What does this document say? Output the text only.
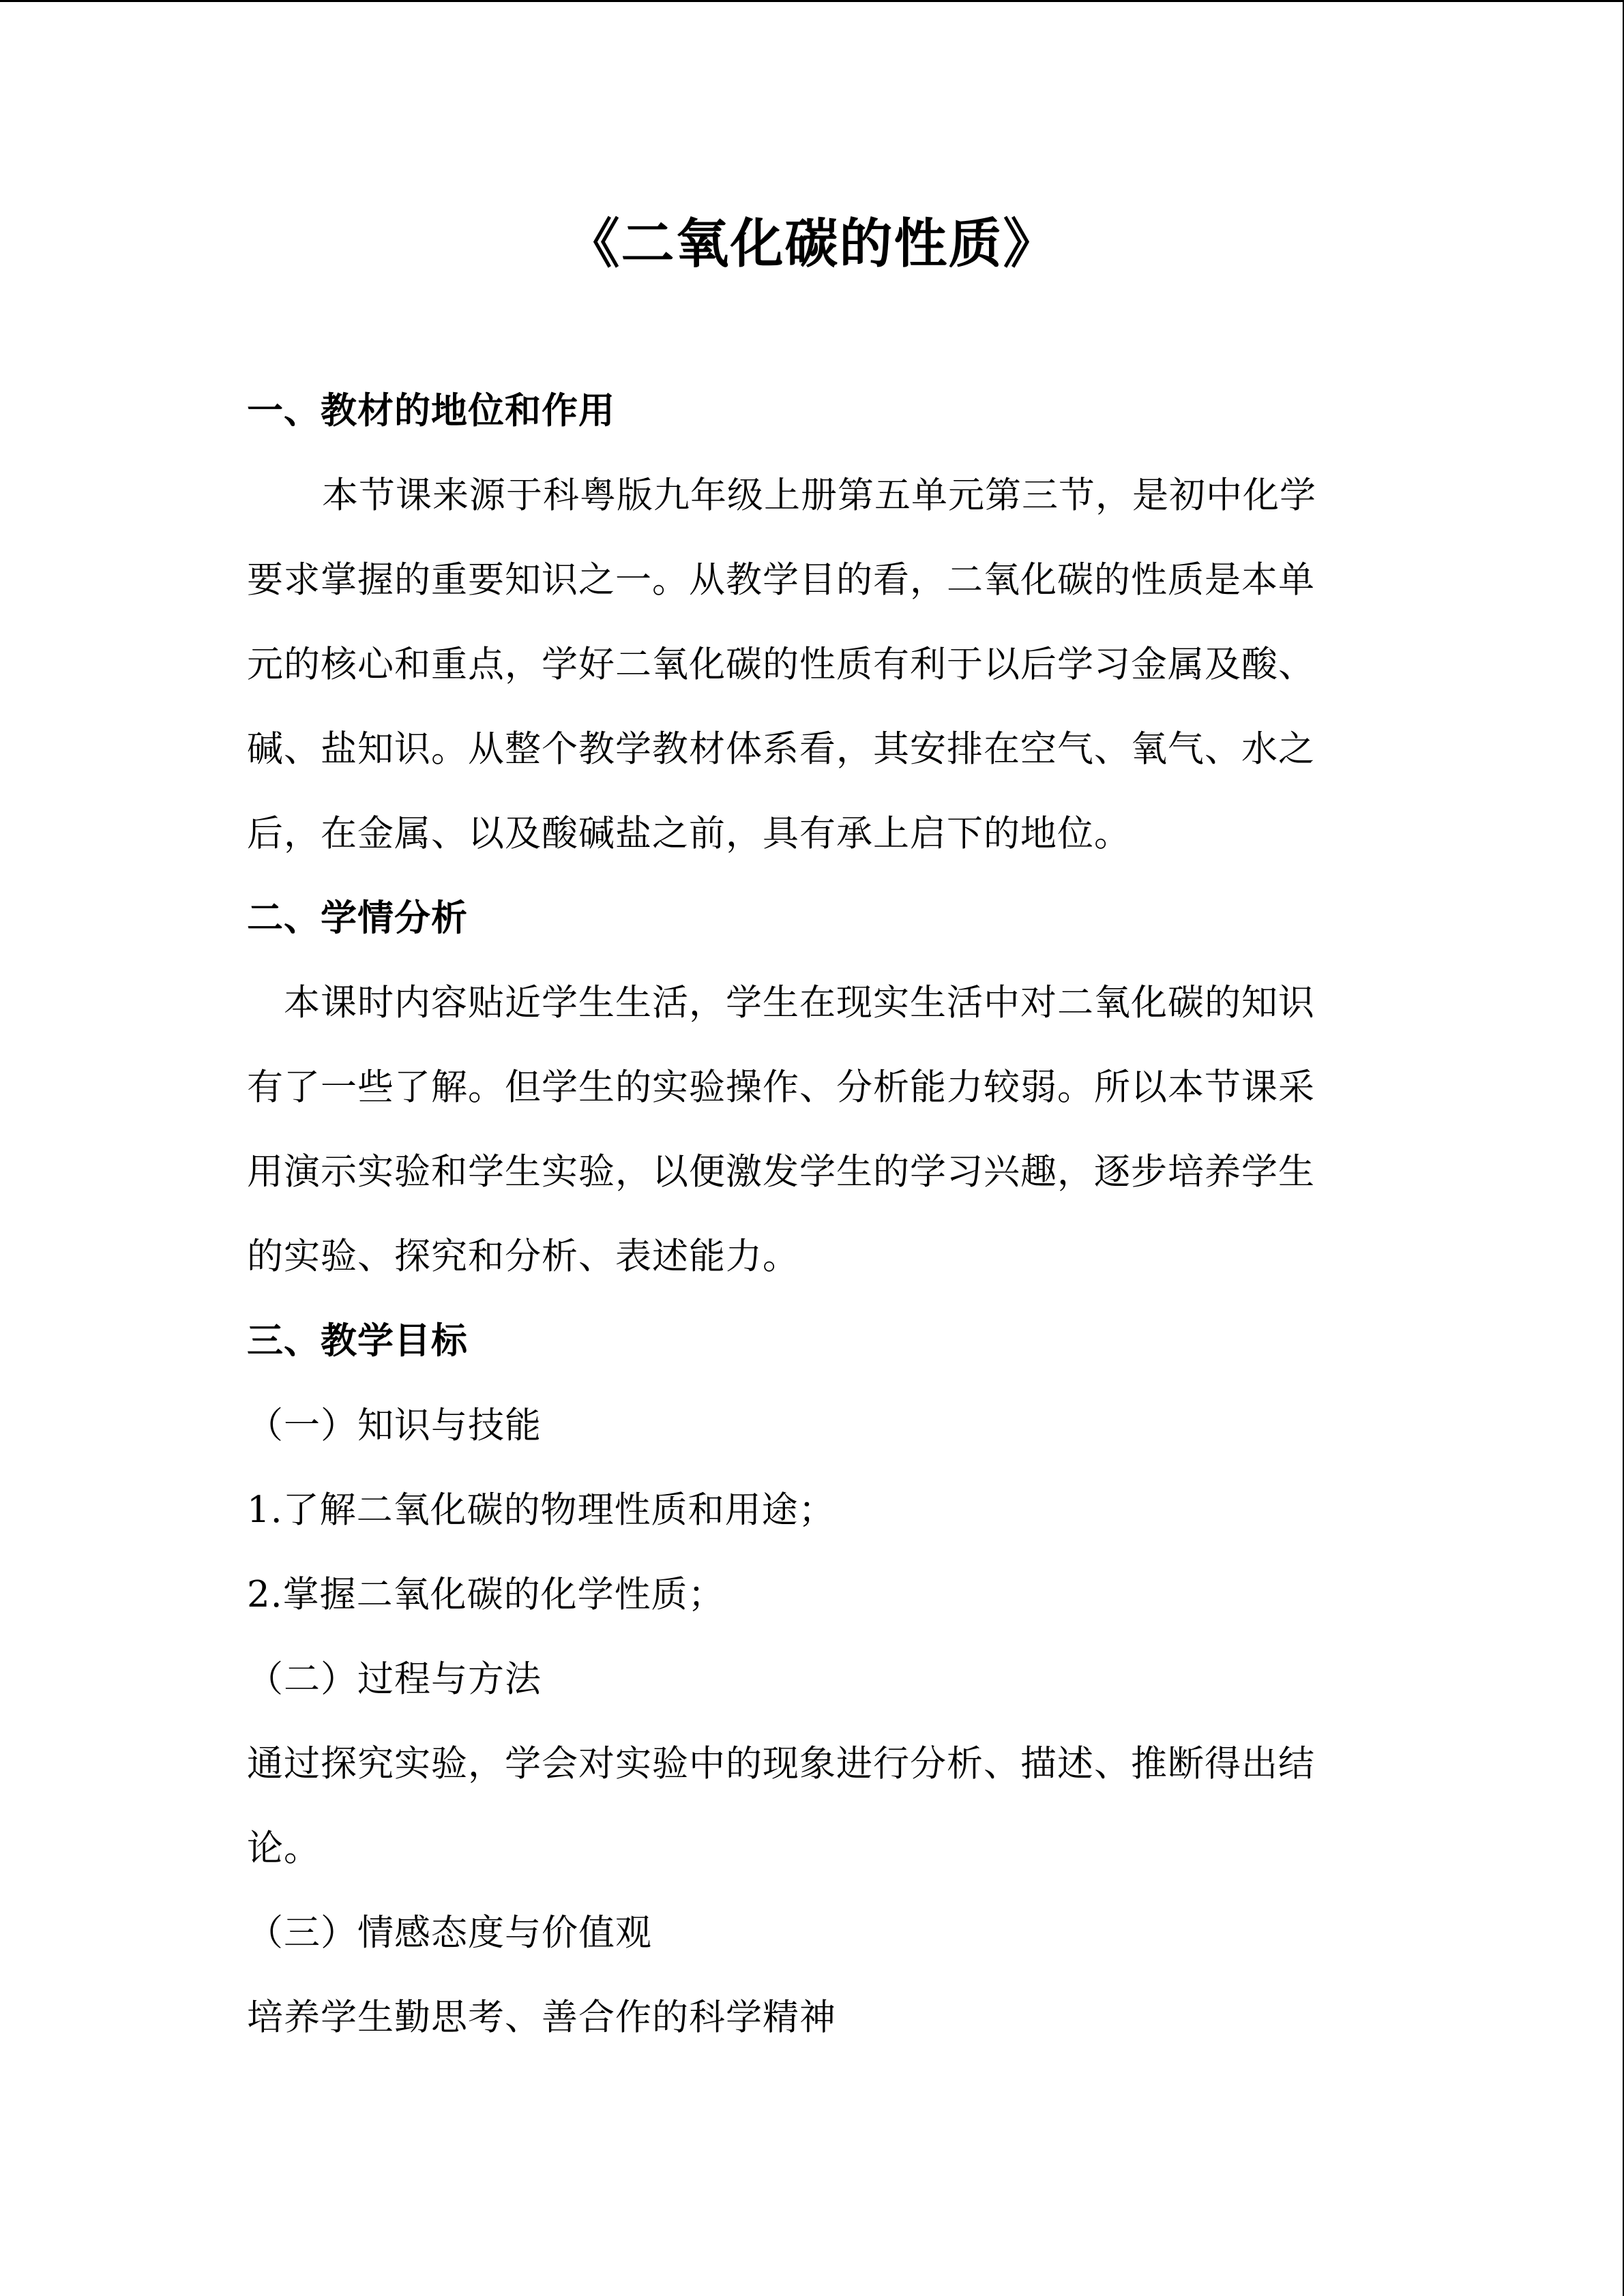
《二氧化碳的性质》
一、教材的地位和作用
本节课来源于科粤版九年级上册第五单元第三节，是初中化学
要求掌握的重要知识之一。从教学目的看，二氧化碳的性质是本单
元的核心和重点，学好二氧化碳的性质有利于以后学习金属及酸、
碱、盐知识。从整个教学教材体系看，其安排在空气、氧气、水之
后，在金属、以及酸碱盐之前，具有承上启下的地位。
二、学情分析
本课时内容贴近学生生活，学生在现实生活中对二氧化碳的知识
有了一些了解。但学生的实验操作、分析能力较弱。所以本节课采
用演示实验和学生实验，以便激发学生的学习兴趣，逐步培养学生
的实验、探究和分析、表述能力。
三、教学目标
（一）知识与技能
1.了解二氧化碳的物理性质和用途；
2.掌握二氧化碳的化学性质；
（二）过程与方法
通过探究实验，学会对实验中的现象进行分析、描述、推断得出结
论。
（三）情感态度与价值观
培养学生勤思考、善合作的科学精神
